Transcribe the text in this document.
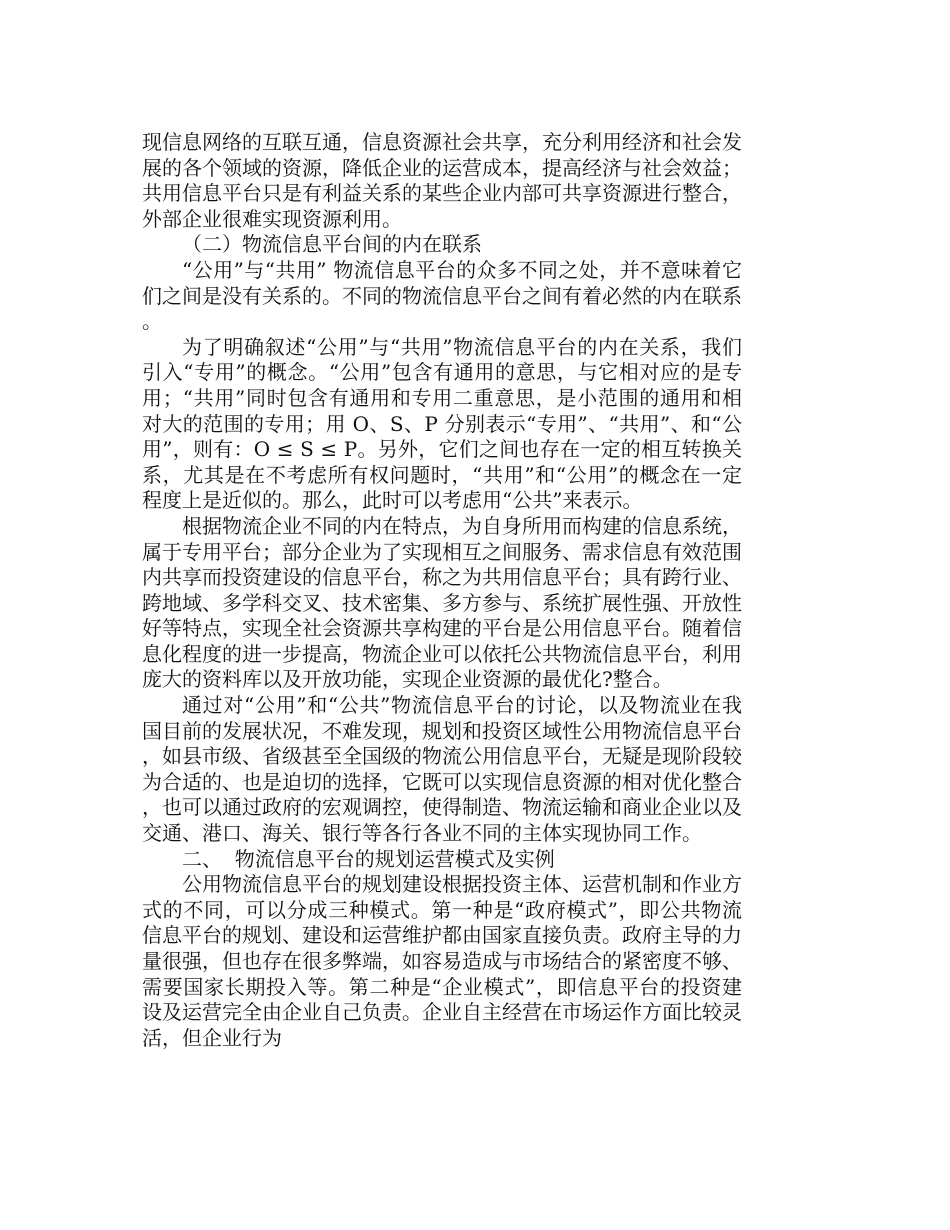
现信息网络的互联互通，信息资源社会共享，充分利用经济和社会发展的各个领域的资源，降低企业的运营成本，提高经济与社会效益；共用信息平台只是有利益关系的某些企业内部可共享资源进行整合，外部企业很难实现资源利用。

（二）物流信息平台间的内在联系

“公用”与“共用” 物流信息平台的众多不同之处，并不意味着它们之间是没有关系的。不同的物流信息平台之间有着必然的内在联系。

为了明确叙述“公用”与“共用”物流信息平台的内在关系，我们引入“专用”的概念。“公用”包含有通用的意思，与它相对应的是专用；“共用”同时包含有通用和专用二重意思，是小范围的通用和相对大的范围的专用；用 O、S、P 分别表示“专用”、“共用”、和“公用”，则有：O ≤ S ≤ P。另外，它们之间也存在一定的相互转换关系，尤其是在不考虑所有权问题时，“共用”和“公用”的概念在一定程度上是近似的。那么，此时可以考虑用“公共”来表示。

根据物流企业不同的内在特点，为自身所用而构建的信息系统，属于专用平台；部分企业为了实现相互之间服务、需求信息有效范围内共享而投资建设的信息平台，称之为共用信息平台；具有跨行业、跨地域、多学科交叉、技术密集、多方参与、系统扩展性强、开放性好等特点，实现全社会资源共享构建的平台是公用信息平台。随着信息化程度的进一步提高，物流企业可以依托公共物流信息平台，利用庞大的资料库以及开放功能，实现企业资源的最优化?整合。

通过对“公用”和“公共”物流信息平台的讨论，以及物流业在我国目前的发展状况，不难发现，规划和投资区域性公用物流信息平台，如县市级、省级甚至全国级的物流公用信息平台，无疑是现阶段较为合适的、也是迫切的选择，它既可以实现信息资源的相对优化整合，也可以通过政府的宏观调控，使得制造、物流运输和商业企业以及交通、港口、海关、银行等各行各业不同的主体实现协同工作。

二、  物流信息平台的规划运营模式及实例

公用物流信息平台的规划建设根据投资主体、运营机制和作业方式的不同，可以分成三种模式。第一种是“政府模式”，即公共物流信息平台的规划、建设和运营维护都由国家直接负责。政府主导的力量很强，但也存在很多弊端，如容易造成与市场结合的紧密度不够、需要国家长期投入等。第二种是“企业模式”，即信息平台的投资建设及运营完全由企业自己负责。企业自主经营在市场运作方面比较灵活，但企业行为
